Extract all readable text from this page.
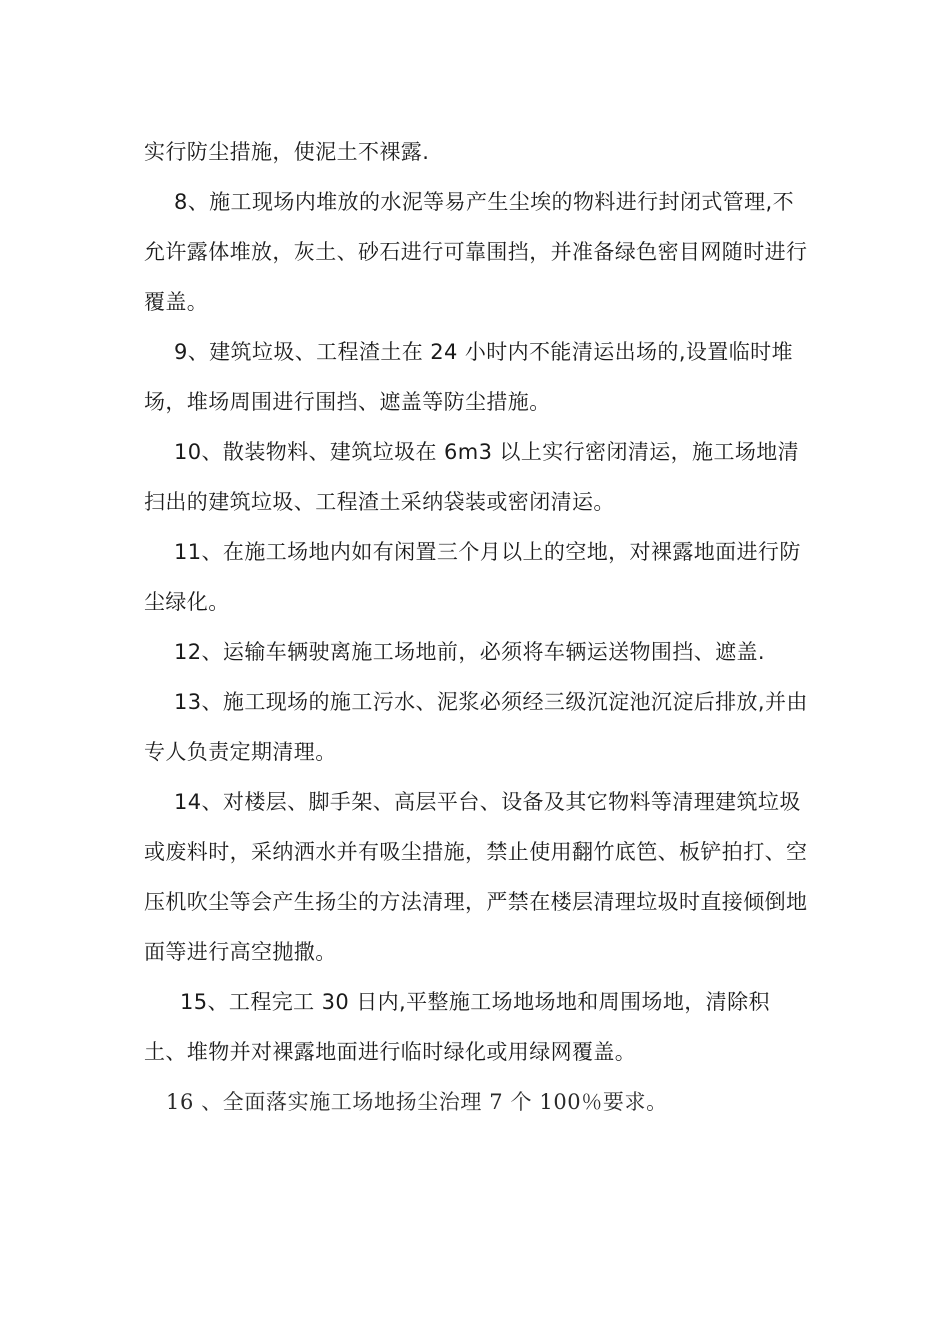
实行防尘措施，使泥土不裸露.

8、施工现场内堆放的水泥等易产生尘埃的物料进行封闭式管理,不允许露体堆放，灰土、砂石进行可靠围挡，并准备绿色密目网随时进行覆盖。

9、建筑垃圾、工程渣土在 24 小时内不能清运出场的,设置临时堆场，堆场周围进行围挡、遮盖等防尘措施。

10、散装物料、建筑垃圾在 6m3 以上实行密闭清运，施工场地清扫出的建筑垃圾、工程渣土采纳袋装或密闭清运。

11、在施工场地内如有闲置三个月以上的空地，对裸露地面进行防尘绿化。

12、运输车辆驶离施工场地前，必须将车辆运送物围挡、遮盖.

13、施工现场的施工污水、泥浆必须经三级沉淀池沉淀后排放,并由专人负责定期清理。

14、对楼层、脚手架、高层平台、设备及其它物料等清理建筑垃圾或废料时，采纳洒水并有吸尘措施，禁止使用翻竹底笆、板铲拍打、空压机吹尘等会产生扬尘的方法清理，严禁在楼层清理垃圾时直接倾倒地面等进行高空抛撒。

15、工程完工 30 日内,平整施工场地场地和周围场地，清除积土、堆物并对裸露地面进行临时绿化或用绿网覆盖。

16 、全面落实施工场地扬尘治理 7 个 100％要求。
